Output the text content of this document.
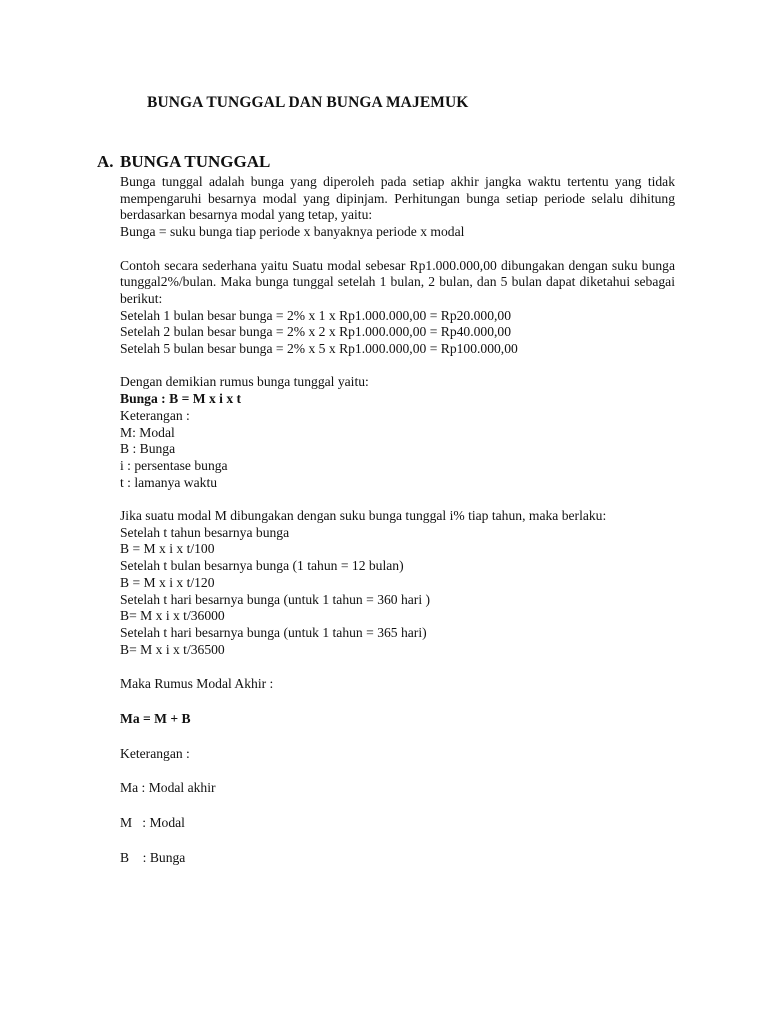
BUNGA TUNGGAL DAN BUNGA MAJEMUK
A. BUNGA TUNGGAL

Bunga tunggal adalah bunga yang diperoleh pada setiap akhir jangka waktu tertentu yang tidak mempengaruhi besarnya modal yang dipinjam. Perhitungan bunga setiap periode selalu dihitung berdasarkan besarnya modal yang tetap, yaitu:

Bunga = suku bunga tiap periode x banyaknya periode x modal

Contoh secara sederhana yaitu Suatu modal sebesar Rp1.000.000,00 dibungakan dengan suku bunga tunggal2%/bulan. Maka bunga tunggal setelah 1 bulan, 2 bulan, dan 5 bulan dapat diketahui sebagai berikut:

Setelah 1 bulan besar bunga = 2% x 1 x Rp1.000.000,00 = Rp20.000,00

Setelah 2 bulan besar bunga = 2% x 2 x Rp1.000.000,00 = Rp40.000,00

Setelah 5 bulan besar bunga = 2% x 5 x Rp1.000.000,00 = Rp100.000,00

Dengan demikian rumus bunga tunggal yaitu:

Bunga : B = M x i x t

Keterangan :

M: Modal

B : Bunga

i : persentase bunga

t : lamanya waktu

Jika suatu modal M dibungakan dengan suku bunga tunggal i% tiap tahun, maka berlaku:

Setelah t tahun besarnya bunga

B = M x i x t/100

Setelah t bulan besarnya bunga (1 tahun = 12 bulan)

B = M x i x t/120

Setelah t hari besarnya bunga (untuk 1 tahun = 360 hari )

B= M x i x t/36000

Setelah t hari besarnya bunga (untuk 1 tahun = 365 hari)

B= M x i x t/36500

Maka Rumus Modal Akhir :

Ma = M + B

Keterangan :

Ma : Modal akhir

M   : Modal

B    : Bunga
